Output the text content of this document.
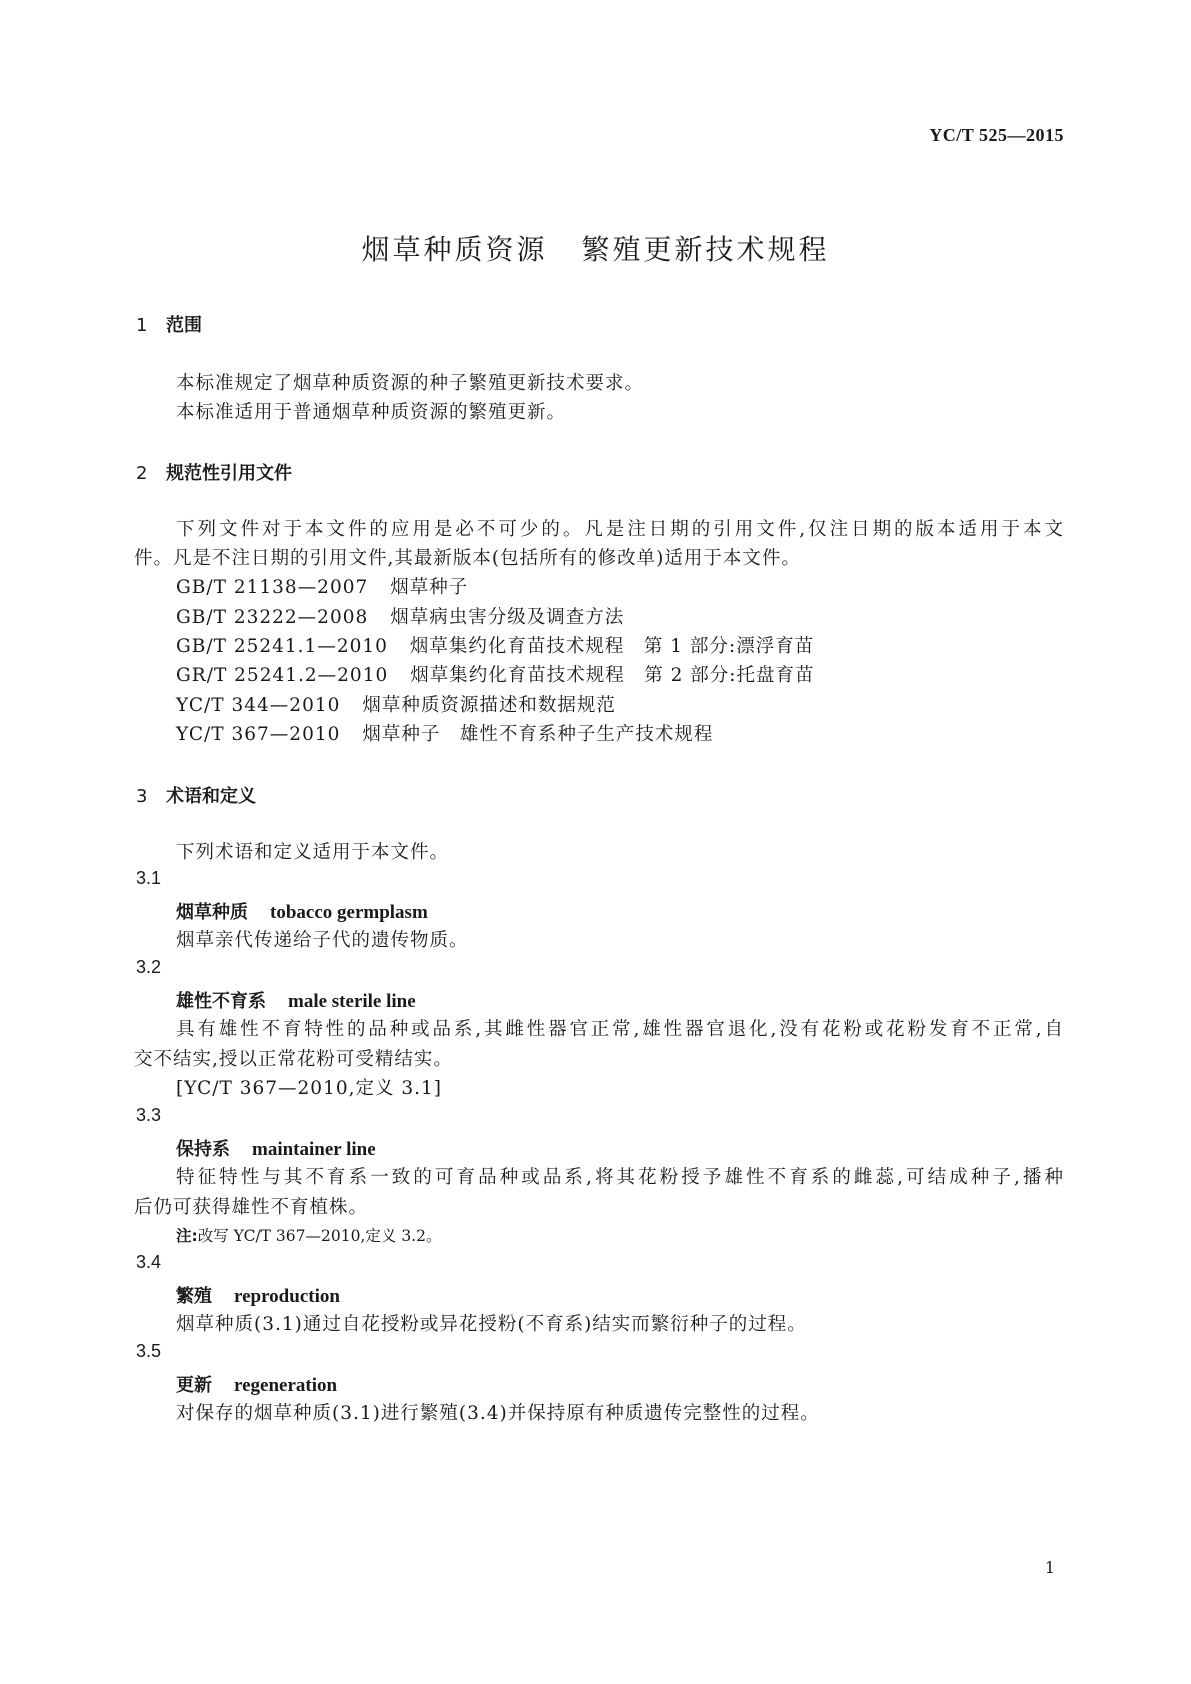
YC/T 525—2015
烟草种质资源 繁殖更新技术规程
1 范围
本标准规定了烟草种质资源的种子繁殖更新技术要求。
本标准适用于普通烟草种质资源的繁殖更新。
2 规范性引用文件
下列文件对于本文件的应用是必不可少的。凡是注日期的引用文件,仅注日期的版本适用于本文
件。凡是不注日期的引用文件,其最新版本(包括所有的修改单)适用于本文件。
GB/T 21138—2007 烟草种子
GB/T 23222—2008 烟草病虫害分级及调查方法
GB/T 25241.1—2010 烟草集约化育苗技术规程　第 1 部分:漂浮育苗
GR/T 25241.2—2010 烟草集约化育苗技术规程　第 2 部分:托盘育苗
YC/T 344—2010 烟草种质资源描述和数据规范
YC/T 367—2010 烟草种子　雄性不育系种子生产技术规程
3 术语和定义
下列术语和定义适用于本文件。
3.1
烟草种质 tobacco germplasm
烟草亲代传递给子代的遗传物质。
3.2
雄性不育系 male sterile line
具有雄性不育特性的品种或品系,其雌性器官正常,雄性器官退化,没有花粉或花粉发育不正常,自
交不结实,授以正常花粉可受精结实。
[YC/T 367—2010,定义 3.1]
3.3
保持系 maintainer line
特征特性与其不育系一致的可育品种或品系,将其花粉授予雄性不育系的雌蕊,可结成种子,播种
后仍可获得雄性不育植株。
注:改写 YC/T 367—2010,定义 3.2。
3.4
繁殖 reproduction
烟草种质(3.1)通过自花授粉或异花授粉(不育系)结实而繁衍种子的过程。
3.5
更新 regeneration
对保存的烟草种质(3.1)进行繁殖(3.4)并保持原有种质遗传完整性的过程。
1
